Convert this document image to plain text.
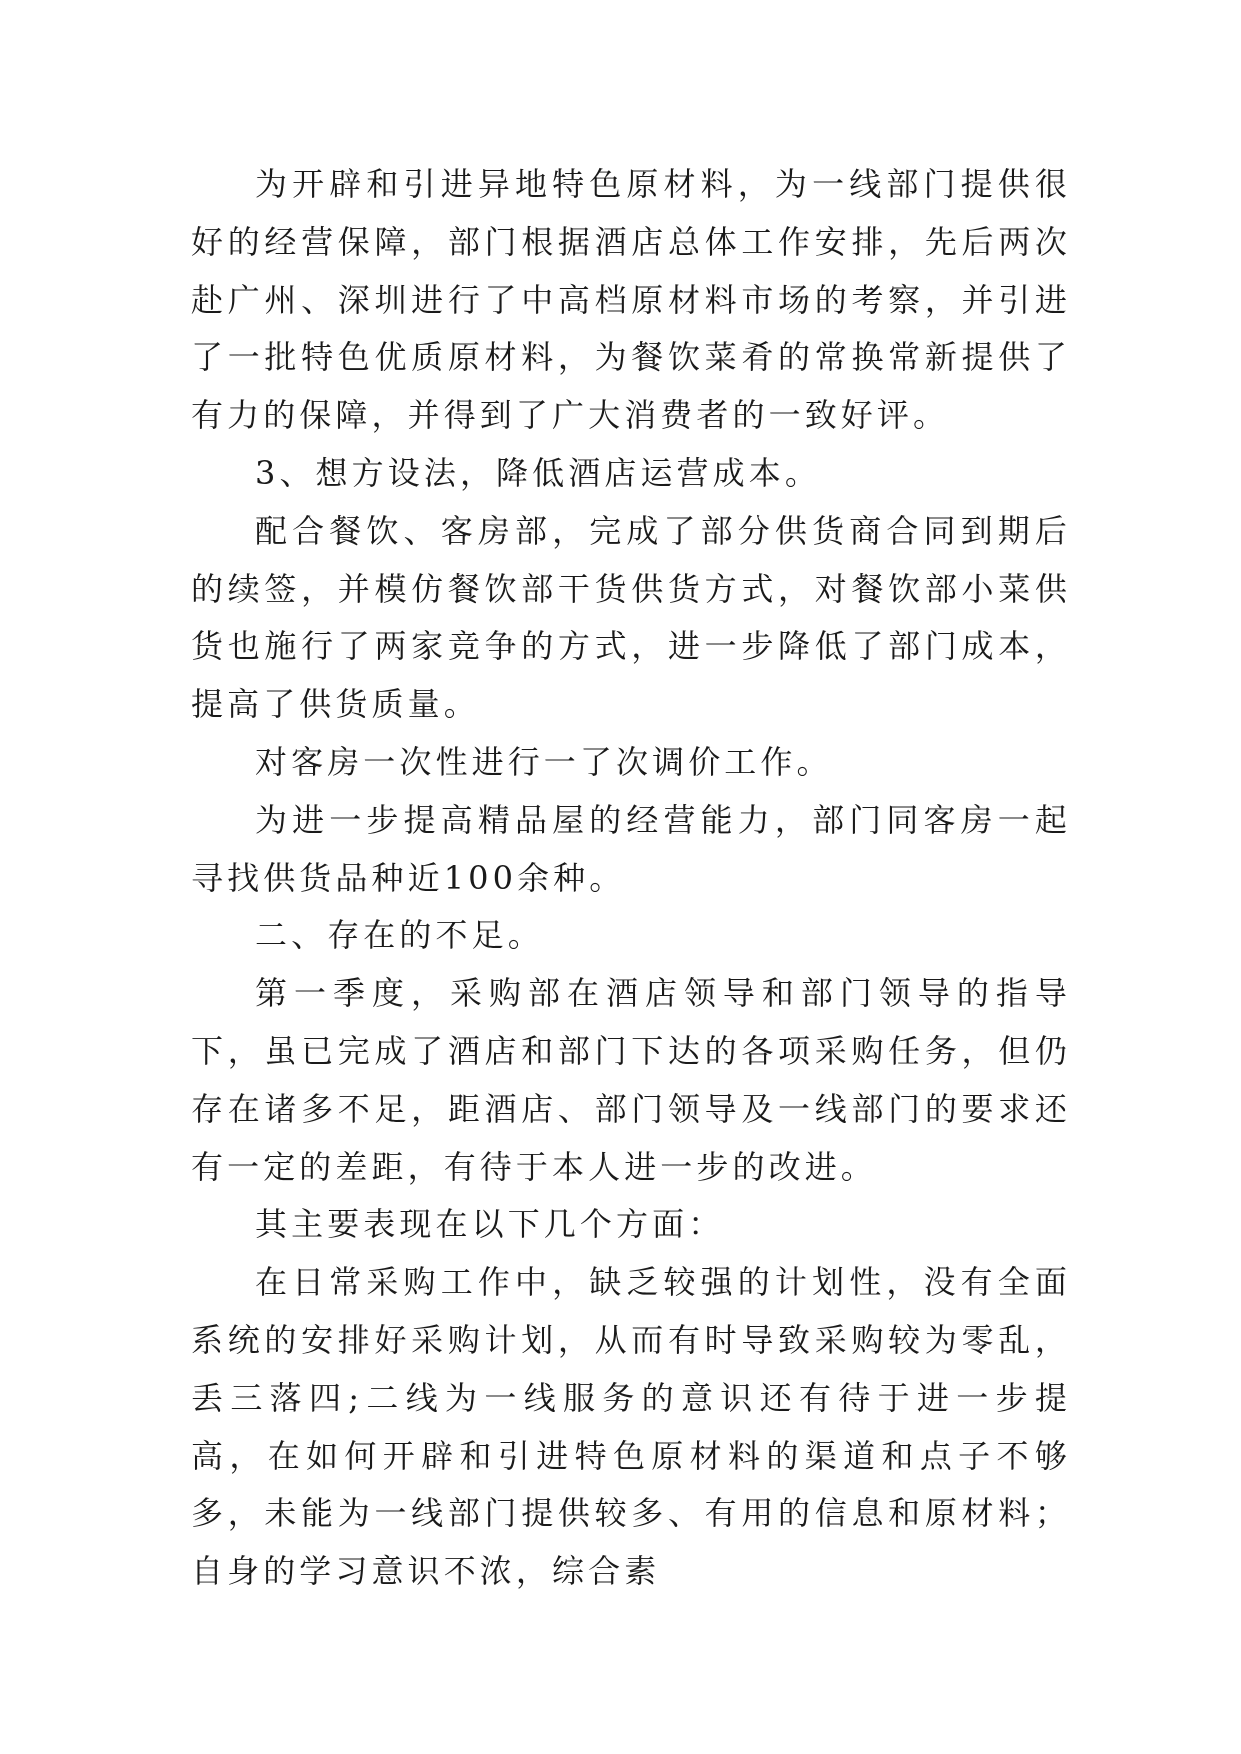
为开辟和引进异地特色原材料，为一线部门提供很好的经营保障，部门根据酒店总体工作安排，先后两次赴广州、深圳进行了中高档原材料市场的考察，并引进了一批特色优质原材料，为餐饮菜肴的常换常新提供了有力的保障，并得到了广大消费者的一致好评。

3、想方设法，降低酒店运营成本。

配合餐饮、客房部，完成了部分供货商合同到期后的续签，并模仿餐饮部干货供货方式，对餐饮部小菜供货也施行了两家竞争的方式，进一步降低了部门成本，提高了供货质量。

对客房一次性进行一了次调价工作。

为进一步提高精品屋的经营能力，部门同客房一起寻找供货品种近100余种。

二、存在的不足。

第一季度，采购部在酒店领导和部门领导的指导下，虽已完成了酒店和部门下达的各项采购任务，但仍存在诸多不足，距酒店、部门领导及一线部门的要求还有一定的差距，有待于本人进一步的改进。

其主要表现在以下几个方面：

在日常采购工作中，缺乏较强的计划性，没有全面系统的安排好采购计划，从而有时导致采购较为零乱，丢三落四;二线为一线服务的意识还有待于进一步提高，在如何开辟和引进特色原材料的渠道和点子不够多，未能为一线部门提供较多、有用的信息和原材料；自身的学习意识不浓，综合素
